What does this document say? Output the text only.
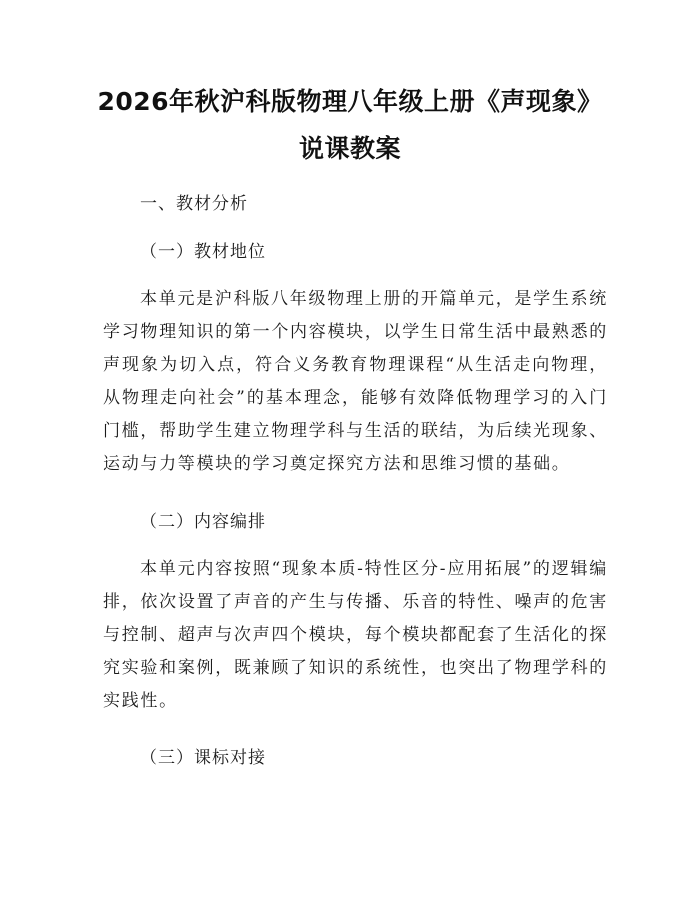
2026年秋沪科版物理八年级上册《声现象》
说课教案
一、教材分析
（一）教材地位

本单元是沪科版八年级物理上册的开篇单元，是学生系统学习物理知识的第一个内容模块，以学生日常生活中最熟悉的声现象为切入点，符合义务教育物理课程“从生活走向物理，从物理走向社会”的基本理念，能够有效降低物理学习的入门门槛，帮助学生建立物理学科与生活的联结，为后续光现象、运动与力等模块的学习奠定探究方法和思维习惯的基础。

（二）内容编排

本单元内容按照“现象本质-特性区分-应用拓展”的逻辑编排，依次设置了声音的产生与传播、乐音的特性、噪声的危害与控制、超声与次声四个模块，每个模块都配套了生活化的探究实验和案例，既兼顾了知识的系统性，也突出了物理学科的实践性。

（三）课标对接
